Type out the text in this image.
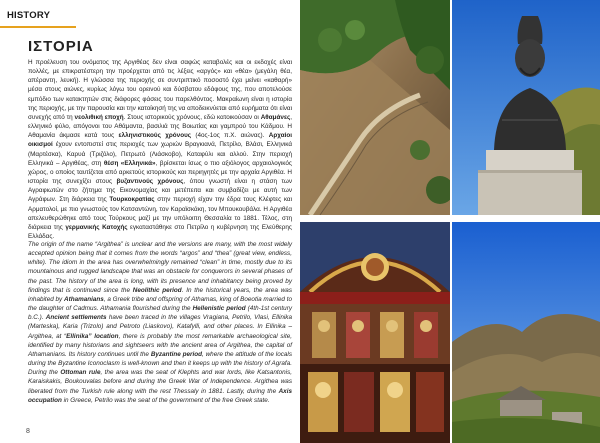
HISTORY
ΙΣΤΟΡΙΑ
Η προέλευση του ονόματος της Αργιθέας δεν είναι σαφώς καταβολές και οι εκδοχές είναι πολλές, με επικρατέστερη την προέρχεται από τις λέξεις «αργός» και «θέα» (μεγάλη θέα, απέραντη, λευκή). Η γλώσσα της περιοχής σε συντριπτικό ποσοστό έχει μείνει «καθαρή» μέσα στους αιώνες, κυρίως λόγω του ορεινού και δύσβατου εδάφους της, που αποτελούσε εμπόδιο των κατακτητών στις διάφορες φάσεις του παρελθόντος. Μακραίωνη είναι η ιστορία της περιοχής, με την παρουσία και την κατοίκησή της να αποδεικνύεται από ευρήματα ότι είναι συνεχής από τη νεολιθική εποχή. Στους ιστορικούς χρόνους, εδώ κατοικούσαν οι Αθαμάνες, ελληνικό φύλο, απόγονοι του Αθάμαντα, βασιλιά της Βοιωτίας και γαμπρού του Κάδμου. Η Αθαμανία άκμασε κατά τους ελληνιστικούς χρόνους (4ος-1ος π.Χ. αιώνας). Αρχαίοι οικισμοί έχουν εντοπιστεί στις περιοχές των χωριών Βραγκιανά, Πετρίλο, Βλάσι, Ελληνικά (Μαρτέσκα), Καρυά (Τριζόλο), Πετρωτό (Λιάσκοβο), Καταφύλι και αλλού. Στην περιοχή Ελληνικά – Αργιθέας, στη θέση «Ελληνικά», βρίσκεται ίσως ο πιο αξιόλογος αρχαιολογικός χώρος, ο οποίος ταυτίζεται από αρκετούς ιστορικούς και περιηγητές με την αρχαία Αργιθέα. Η ιστορία της συνεχίζει στους βυζαντινούς χρόνους, όπου γνωστή είναι η στάση των Αγραφιωτών στο ζήτημα της Εικονομαχίας και μετέπειτα και συμβαδίζει με αυτή των Αγράφων. Στη διάρκεια της Τουρκοκρατίας στην περιοχή είχαν την έδρα τους Κλέφτες και Αρματολοί, με πιο γνωστούς τον Κατσαντώνη, τον Καραϊσκάκη, τον Μπουκουβάλα. Η Αργιθέα απελευθερώθηκε από τους Τούρκους μαζί με την υπόλοιπη Θεσσαλία το 1881. Τέλος, στη διάρκεια της γερμανικής Κατοχής εγκαταστάθηκε στο Πετρίλο η κυβέρνηση της Ελεύθερης Ελλάδας.
The origin of the name “Argithea” is unclear and the versions are many, with the most widely accepted opinion being that it comes from the words “argos” and “thea” (great view, endless, white). The idiom in the area has overwhelmingly remained “clean” in time, mostly due to its mountainous and rugged landscape that was an obstacle for conquerors in several phases of the past. The history of the area is long, with its presence and inhabitancy being proved by findings that is continued since the Neolithic period. In the historical years, the area was inhabited by Athamanians, a Greek tribe and offspring of Athamas, king of Boeotia married to the daughter of Cadmus. Athamania flourished during the Hellenistic period (4th-1st century b.C.). Ancient settlements have been traced in the villages Vragiana, Petrilo, Vlasi, Ellinika (Marteska), Karia (Trizolo) and Petroto (Liaskovo), Katafylli, and other places. In Ellinika – Argithea, at “Ellinika” location, there is probably the most remarkable archaeological site, identified by many historians and sightseers with the ancient area of Argithea, the capital of Athamanians. Its history continues until the Byzantine period, where the attitude of the locals during the Byzantine Iconoclasm is well-known and then it keeps up with the history of Agrafa. During the Ottoman rule, the area was the seat of Klephts and war lords, like Katsantonis, Karaiskakis, Boukouvalas before and during the Greek War of Independence. Argithea was liberated from the Turkish rule along with the rest Thessaly in 1881. Lastly, during the Axis occupation in Greece, Petrilo was the seat of the government of the free Greek state.
8
